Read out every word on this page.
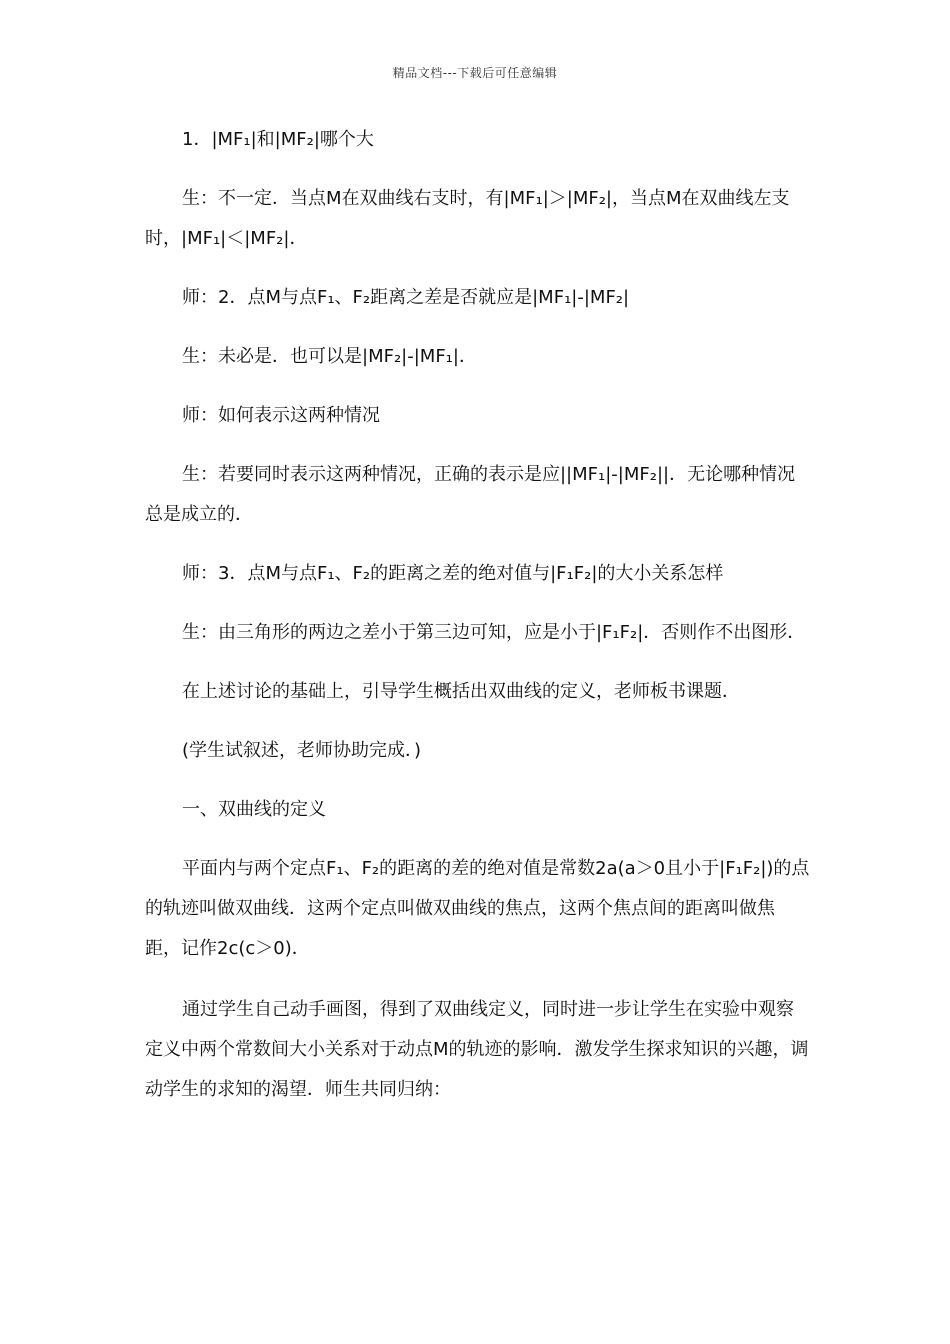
精品文档---下载后可任意编辑

1．|MF₁|和|MF₂|哪个大

生：不一定．当点M在双曲线右支时，有|MF₁|＞|MF₂|，当点M在双曲线左支时，|MF₁|＜|MF₂|．

师：2．点M与点F₁、F₂距离之差是否就应是|MF₁|-|MF₂|

生：未必是．也可以是|MF₂|-|MF₁|．

师：如何表示这两种情况

生：若要同时表示这两种情况，正确的表示是应||MF₁|-|MF₂||．无论哪种情况总是成立的．

师：3．点M与点F₁、F₂的距离之差的绝对值与|F₁F₂|的大小关系怎样

生：由三角形的两边之差小于第三边可知，应是小于|F₁F₂|．否则作不出图形．

在上述讨论的基础上，引导学生概括出双曲线的定义，老师板书课题．

(学生试叙述，老师协助完成．)

一、双曲线的定义

平面内与两个定点F₁、F₂的距离的差的绝对值是常数2a(a＞0且小于|F₁F₂|)的点的轨迹叫做双曲线．这两个定点叫做双曲线的焦点，这两个焦点间的距离叫做焦距，记作2c(c＞0)．

通过学生自己动手画图，得到了双曲线定义，同时进一步让学生在实验中观察定义中两个常数间大小关系对于动点M的轨迹的影响．激发学生探求知识的兴趣，调动学生的求知的渴望．师生共同归纳：
